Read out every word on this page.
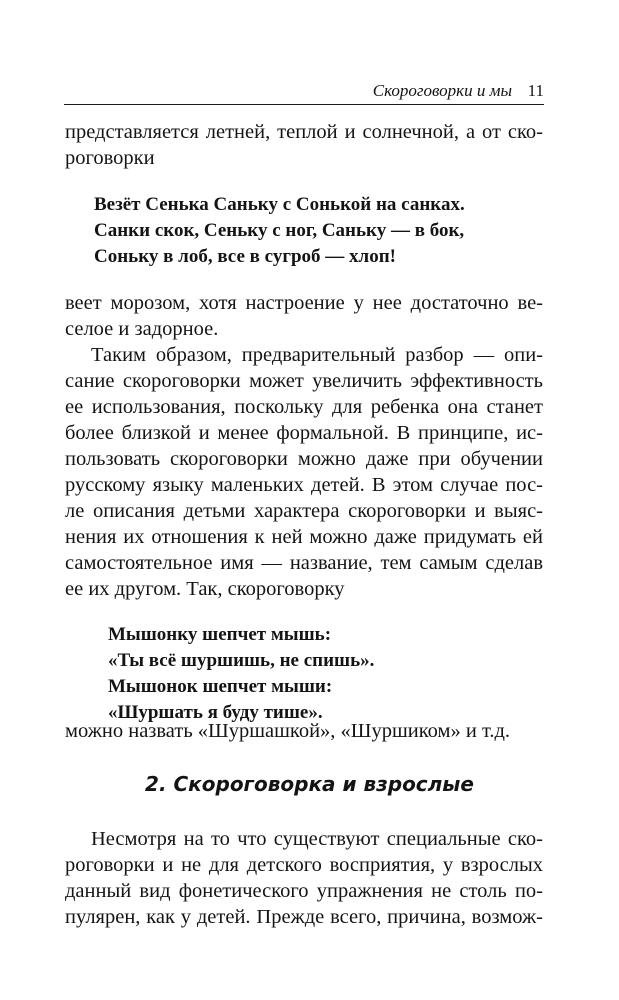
Скороговорки и мы 11
представляется летней, теплой и солнечной, а от ско-
роговорки
Везёт Сенька Саньку с Сонькой на санках.
Санки скок, Сеньку с ног, Саньку — в бок,
Соньку в лоб, все в сугроб — хлоп!
веет морозом, хотя настроение у нее достаточно ве-
селое и задорное.
Таким образом, предварительный разбор — опи-
сание скороговорки может увеличить эффективность
ее использования, поскольку для ребенка она станет
более близкой и менее формальной. В принципе, ис-
пользовать скороговорки можно даже при обучении
русскому языку маленьких детей. В этом случае пос-
ле описания детьми характера скороговорки и выяс-
нения их отношения к ней можно даже придумать ей
самостоятельное имя — название, тем самым сделав
ее их другом. Так, скороговорку
Мышонку шепчет мышь:
«Ты всё шуршишь, не спишь».
Мышонок шепчет мыши:
«Шуршать я буду тише».
можно назвать «Шуршашкой», «Шуршиком» и т.д.
2. Скороговорка и взрослые
Несмотря на то что существуют специальные ско-
роговорки и не для детского восприятия, у взрослых
данный вид фонетического упражнения не столь по-
пулярен, как у детей. Прежде всего, причина, возмож-
